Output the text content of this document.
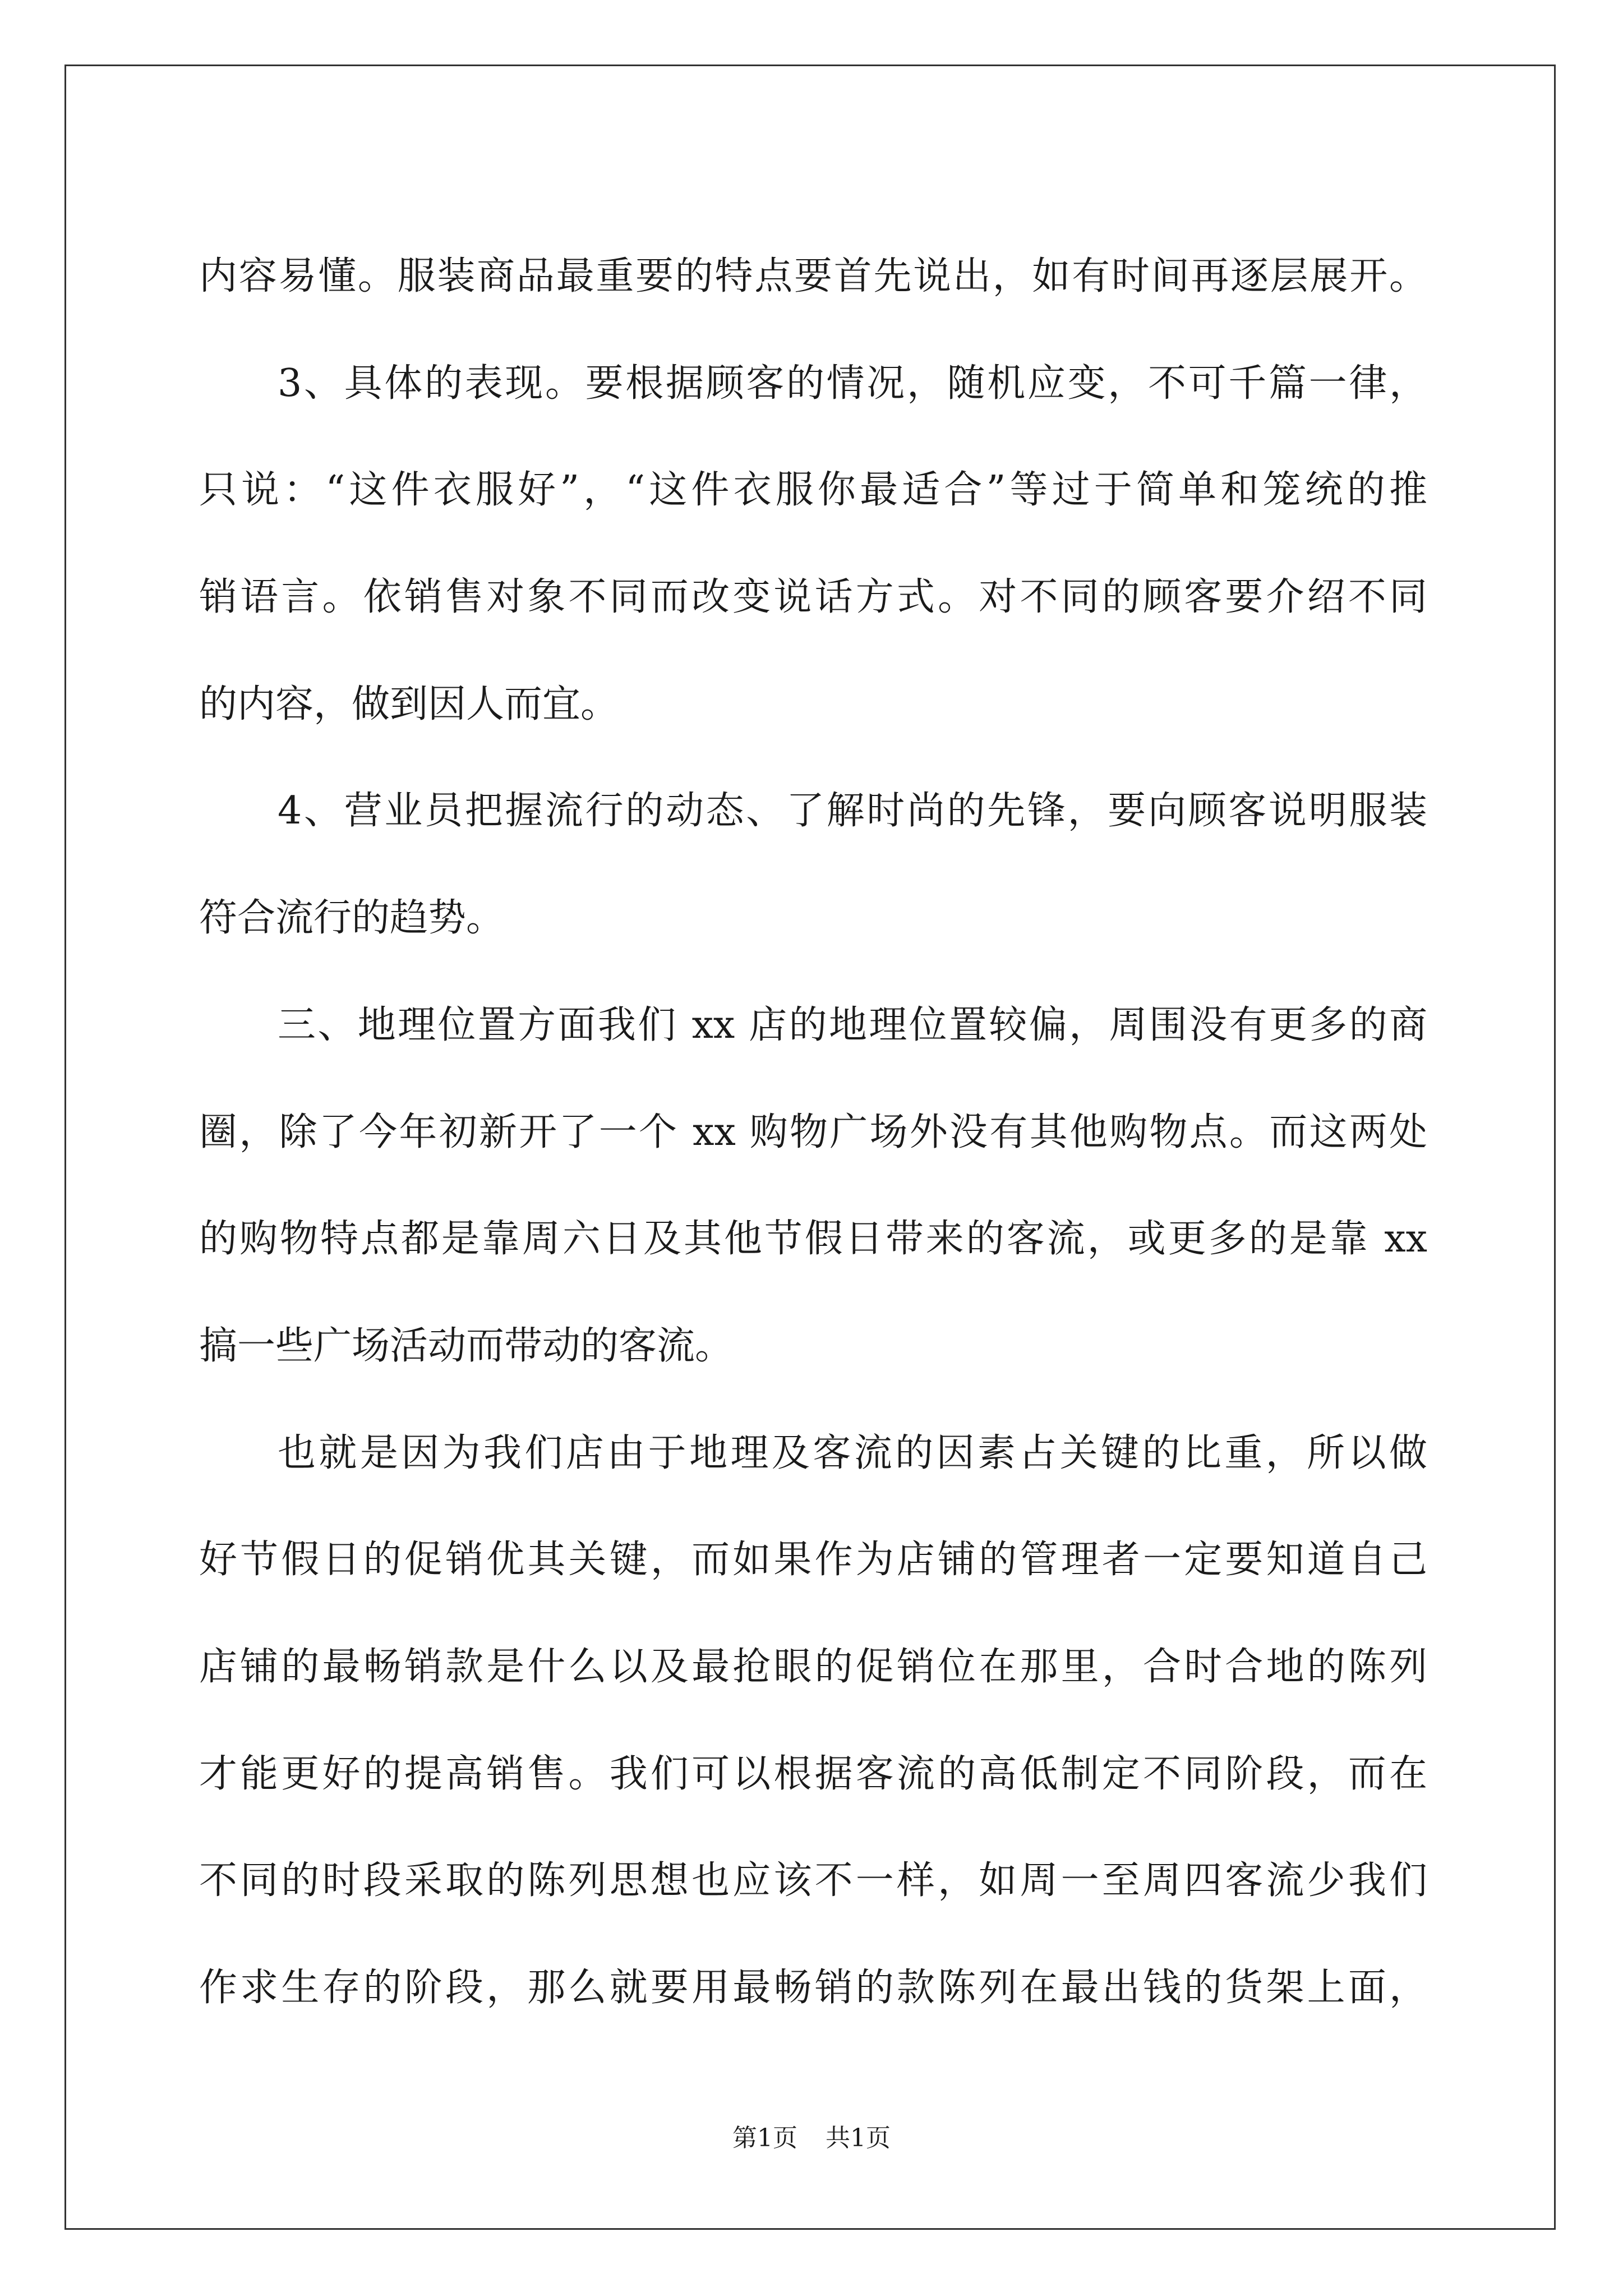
内容易懂。服装商品最重要的特点要首先说出，如有时间再逐层展开。
3、具体的表现。要根据顾客的情况，随机应变，不可千篇一律，
只说：“这件衣服好”，“这件衣服你最适合”等过于简单和笼统的推
销语言。依销售对象不同而改变说话方式。对不同的顾客要介绍不同
的内容，做到因人而宜。
4、营业员把握流行的动态、了解时尚的先锋，要向顾客说明服装
符合流行的趋势。
三、地理位置方面我们 xx 店的地理位置较偏，周围没有更多的商
圈，除了今年初新开了一个 xx 购物广场外没有其他购物点。而这两处
的购物特点都是靠周六日及其他节假日带来的客流，或更多的是靠 xx
搞一些广场活动而带动的客流。
也就是因为我们店由于地理及客流的因素占关键的比重，所以做
好节假日的促销优其关键，而如果作为店铺的管理者一定要知道自己
店铺的最畅销款是什么以及最抢眼的促销位在那里，合时合地的陈列
才能更好的提高销售。我们可以根据客流的高低制定不同阶段，而在
不同的时段采取的陈列思想也应该不一样，如周一至周四客流少我们
作求生存的阶段，那么就要用最畅销的款陈列在最出钱的货架上面，
第1页 共1页
